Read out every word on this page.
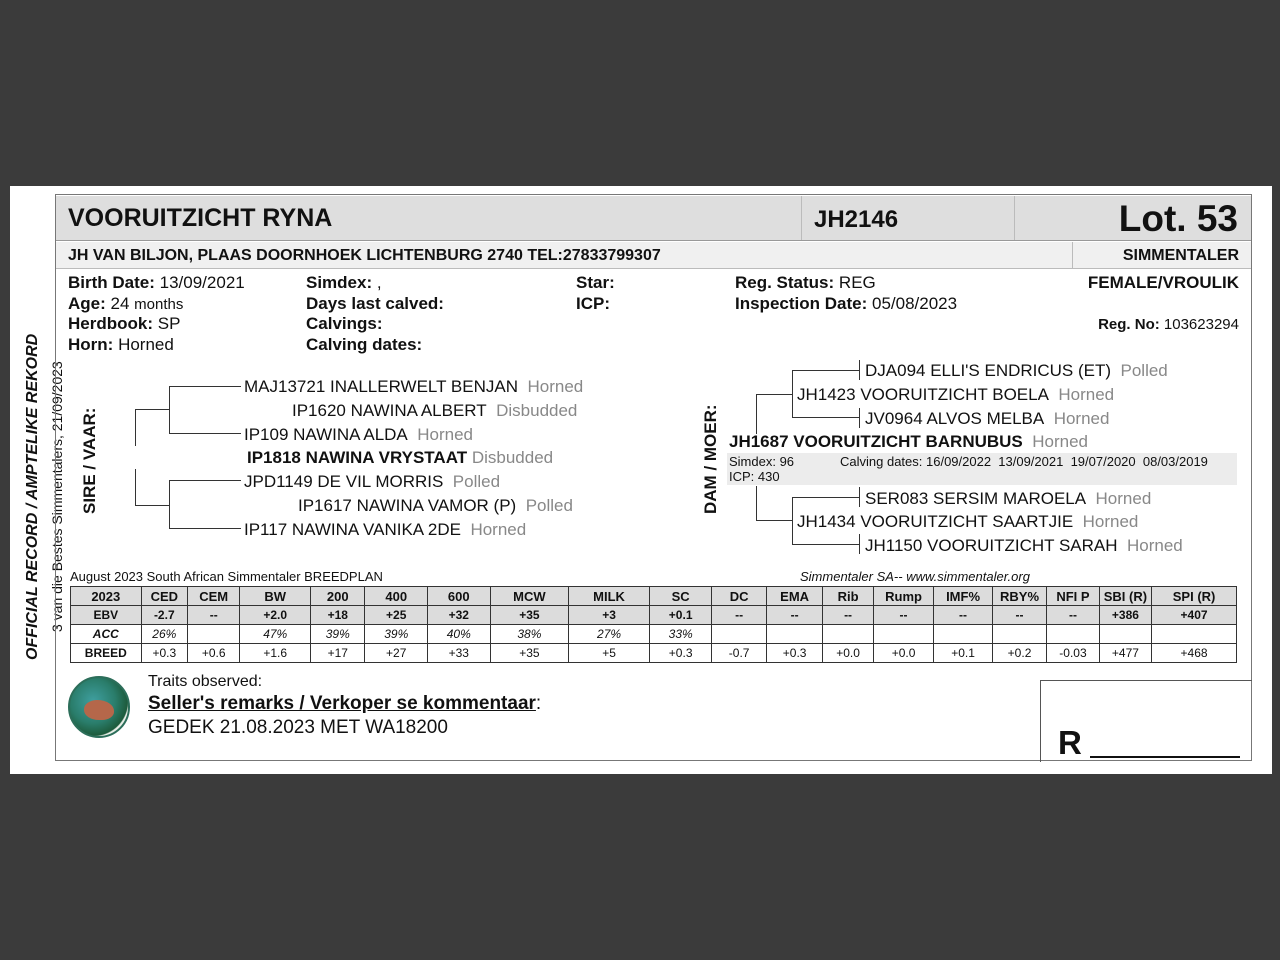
OFFICIAL RECORD / AMPTELIKE REKORD 3 van die Bestes Simmentalers, 21/09/2023
VOORUITZICHT RYNA	JH2146	Lot. 53
JH VAN BILJON, PLAAS DOORNHOEK LICHTENBURG 2740 TEL:27833799307	SIMMENTALER
Birth Date: 13/09/2021
Age: 24 months
Herdbook: SP
Horn: Horned
Simdex: ,
Days last calved:
Calvings:
Calving dates:
Star:
ICP:
Reg. Status: REG
Inspection Date: 05/08/2023
FEMALE/VROULIK
Reg. No: 103623294
SIRE / VAAR:
MAJ13721 INALLERWELT BENJAN Horned
IP1620 NAWINA ALBERT Disbudded
IP109 NAWINA ALDA Horned
IP1818 NAWINA VRYSTAAT Disbudded
JPD1149 DE VIL MORRIS Polled
IP1617 NAWINA VAMOR (P) Polled
IP117 NAWINA VANIKA 2DE Horned
DAM / MOER:
DJA094 ELLI'S ENDRICUS (ET) Polled
JH1423 VOORUITZICHT BOELA Horned
JV0964 ALVOS MELBA Horned
JH1687 VOORUITZICHT BARNUBUS Horned
Simdex: 96	Calving dates: 16/09/2022  13/09/2021  19/07/2020  08/03/2019
ICP: 430
SER083 SERSIM MAROELA Horned
JH1434 VOORUITZICHT SAARTJIE Horned
JH1150 VOORUITZICHT SARAH Horned
August 2023 South African Simmentaler BREEDPLAN	Simmentaler SA-- www.simmentaler.org
2023	CED	CEM	BW	200	400	600	MCW	MILK	SC	DC	EMA	Rib	Rump	IMF%	RBY%	NFI P	SBI (R)	SPI (R)
EBV	-2.7	--	+2.0	+18	+25	+32	+35	+3	+0.1	--	--	--	--	--	--	--	+386	+407
ACC	26%		47%	39%	39%	40%	38%	27%	33%									
BREED	+0.3	+0.6	+1.6	+17	+27	+33	+35	+5	+0.3	-0.7	+0.3	+0.0	+0.0	+0.1	+0.2	-0.03	+477	+468
Traits observed:
Seller's remarks / Verkoper se kommentaar:
GEDEK 21.08.2023 MET WA18200	R
